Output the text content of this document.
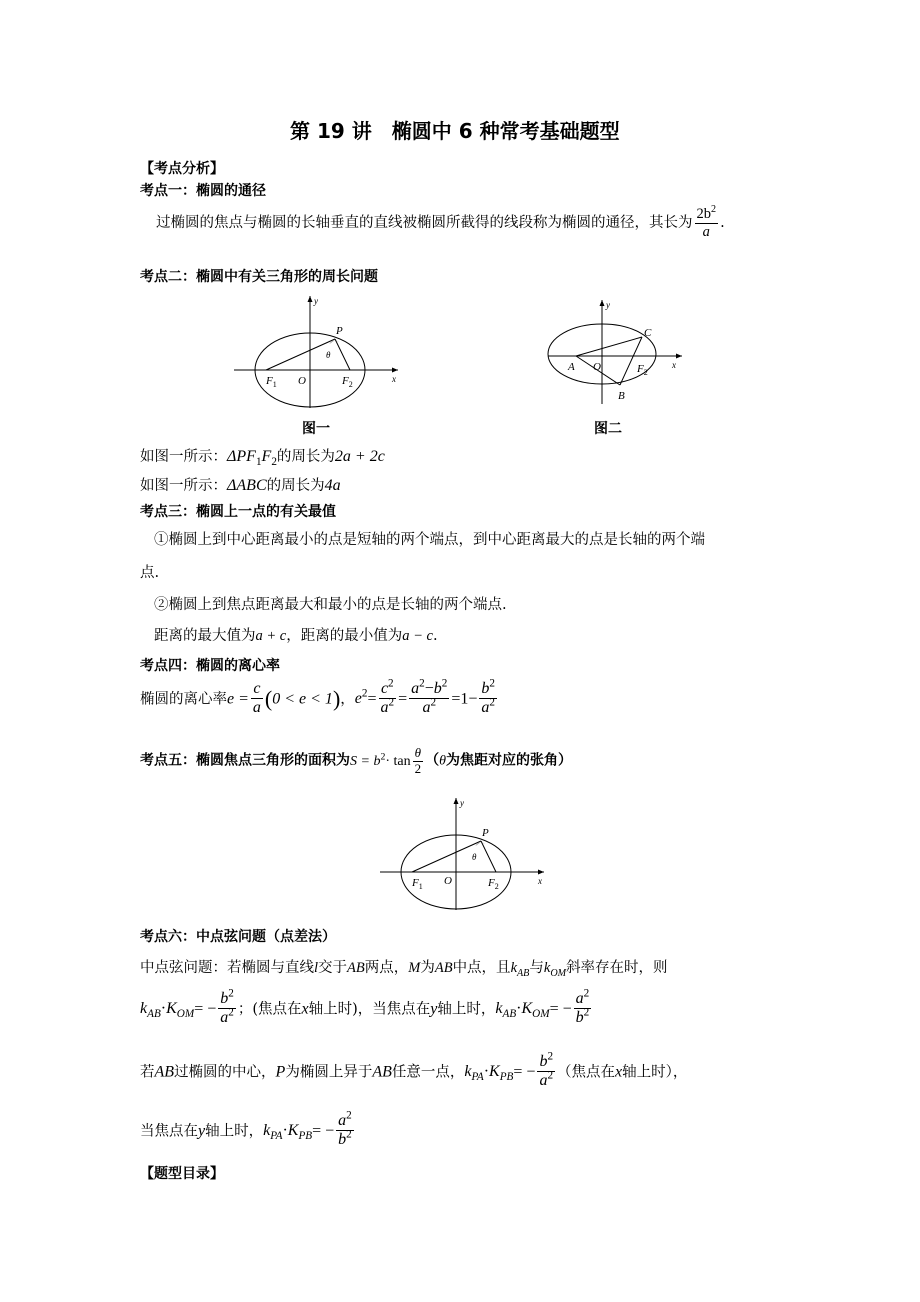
第 19 讲　椭圆中 6 种常考基础题型
【考点分析】
考点一：椭圆的通径
过椭圆的焦点与椭圆的长轴垂直的直线被椭圆所截得的线段称为椭圆的通径，其长为 $\frac{2b^2}{a}$ .
考点二：椭圆中有关三角形的周长问题
P
θ
y
x
O
$F_1$	$F_2$
图一
C
A O	$F_2$
B
y
x
图二
如图一所示：$\Delta PF_1F_2$的周长为2a + 2c
如图一所示：ΔABC的周长为4a
考点三：椭圆上一点的有关最值
①椭圆上到中心距离最小的点是短轴的两个端点，到中心距离最大的点是长轴的两个端
点.
②椭圆上到焦点距离最大和最小的点是长轴的两个端点.
距离的最大值为a + c，距离的最小值为a − c.
考点四：椭圆的离心率
椭圆的离心率$e = \frac{c}{a} (0 < e < 1)$，$e^2= \frac{c^2}{a^2} = \frac{a^2-b^2}{a^2} =1- \frac{b^2}{a^2}$
考点五：椭圆焦点三角形的面积为$S = b^2\cdot \tan \frac{\theta}{2} (\theta$为焦距对应的张角）
P
θ
y
x
O
$F_1$	$F_2$
考点六：中点弦问题（点差法）
中点弦问题：若椭圆与直线l交于AB两点，M为AB中点，且$k_{AB}$与$k_{OM}$斜率存在时，则
$k_{AB}\cdot K_{OM}= - \frac{b^2}{a^2}$ ；(焦点在x轴上时)，当焦点在y轴上时，$k_{AB}\cdot K_{OM}= - \frac{a^2}{b^2}$
若AB过椭圆的中心，P为椭圆上异于AB任意一点，$k_{PA}\cdot K_{PB}= - \frac{b^2}{a^2}$ （焦点在x轴上时），
当焦点在y轴上时，$k_{PA}\cdot K_{PB}= - \frac{a^2}{b^2}$
【题型目录】
